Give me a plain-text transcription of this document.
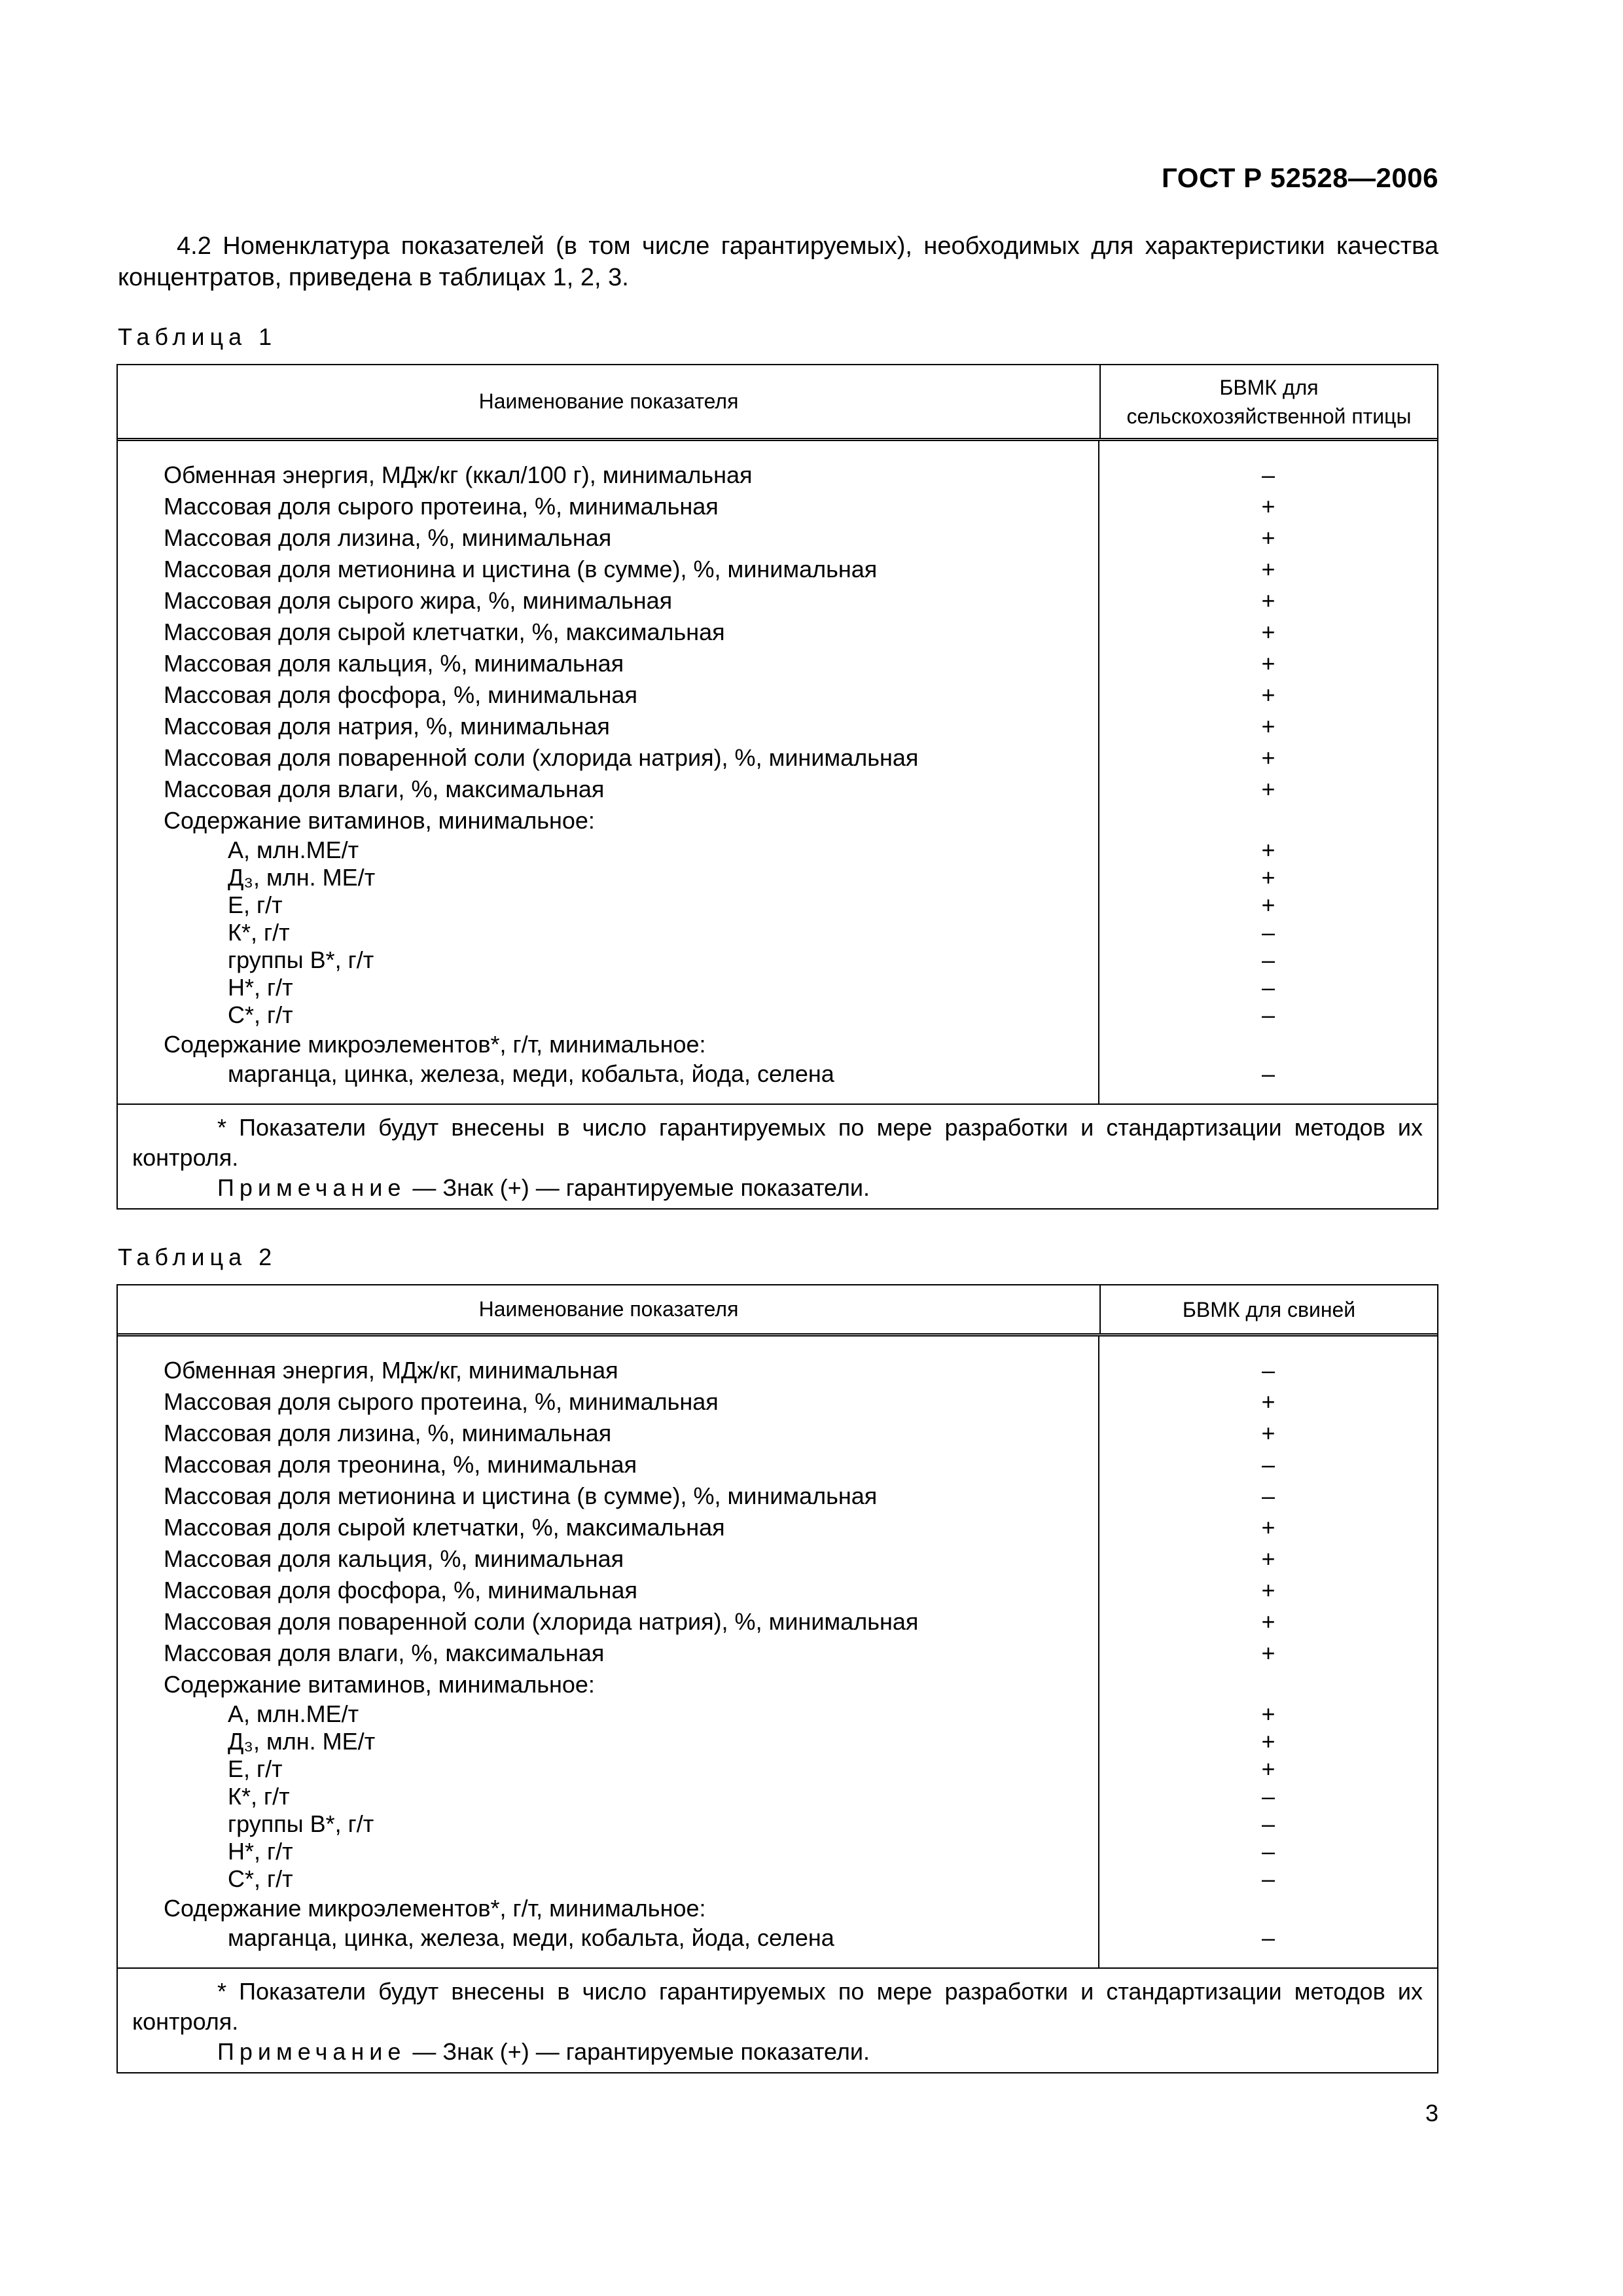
ГОСТ Р 52528—2006

4.2 Номенклатура показателей (в том числе гарантируемых), необходимых для характеристики качества концентратов, приведена в таблицах 1, 2, 3.

Таблица 1
Наименование показателя
БВМК для
сельскохозяйственной птицы
Обменная энергия, МДж/кг (ккал/100 г), минимальная
Массовая доля сырого протеина, %, минимальная
Массовая доля лизина, %, минимальная
Массовая доля метионина и цистина (в сумме), %, минимальная
Массовая доля сырого жира, %, минимальная
Массовая доля сырой клетчатки, %, максимальная
Массовая доля кальция, %, минимальная
Массовая доля фосфора, %, минимальная
Массовая доля натрия, %, минимальная
Массовая доля поваренной соли (хлорида натрия), %, минимальная
Массовая доля влаги, %, максимальная
Содержание витаминов, минимальное:
А, млн.МЕ/т
Д₃, млн. МЕ/т
Е, г/т
К*, г/т
группы В*, г/т
Н*, г/т
С*, г/т
Содержание микроэлементов*, г/т, минимальное:
марганца, цинка, железа, меди, кобальта, йода, селена
–
+
+
+
+
+
+
+
+
+
+
+
+
+
–
–
–
–
–

* Показатели будут внесены в число гарантируемых по мере разработки и стандартизации методов их контроля.

Примечание — Знак (+) — гарантируемые показатели.

Таблица 2
Наименование показателя	БВМК для свиней
Обменная энергия, МДж/кг, минимальная
Массовая доля сырого протеина, %, минимальная
Массовая доля лизина, %, минимальная
Массовая доля треонина, %, минимальная
Массовая доля метионина и цистина (в сумме), %, минимальная
Массовая доля сырой клетчатки, %, максимальная
Массовая доля кальция, %, минимальная
Массовая доля фосфора, %, минимальная
Массовая доля поваренной соли (хлорида натрия), %, минимальная
Массовая доля влаги, %, максимальная
Содержание витаминов, минимальное:
А, млн.МЕ/т
Д₃, млн. МЕ/т
Е, г/т
К*, г/т
группы В*, г/т
Н*, г/т
С*, г/т
Содержание микроэлементов*, г/т, минимальное:
марганца, цинка, железа, меди, кобальта, йода, селена
–
+
+
–
–
+
+
+
+
+
+
+
+
–
–
–
–
–

* Показатели будут внесены в число гарантируемых по мере разработки и стандартизации методов их контроля.

Примечание — Знак (+) — гарантируемые показатели.

3
